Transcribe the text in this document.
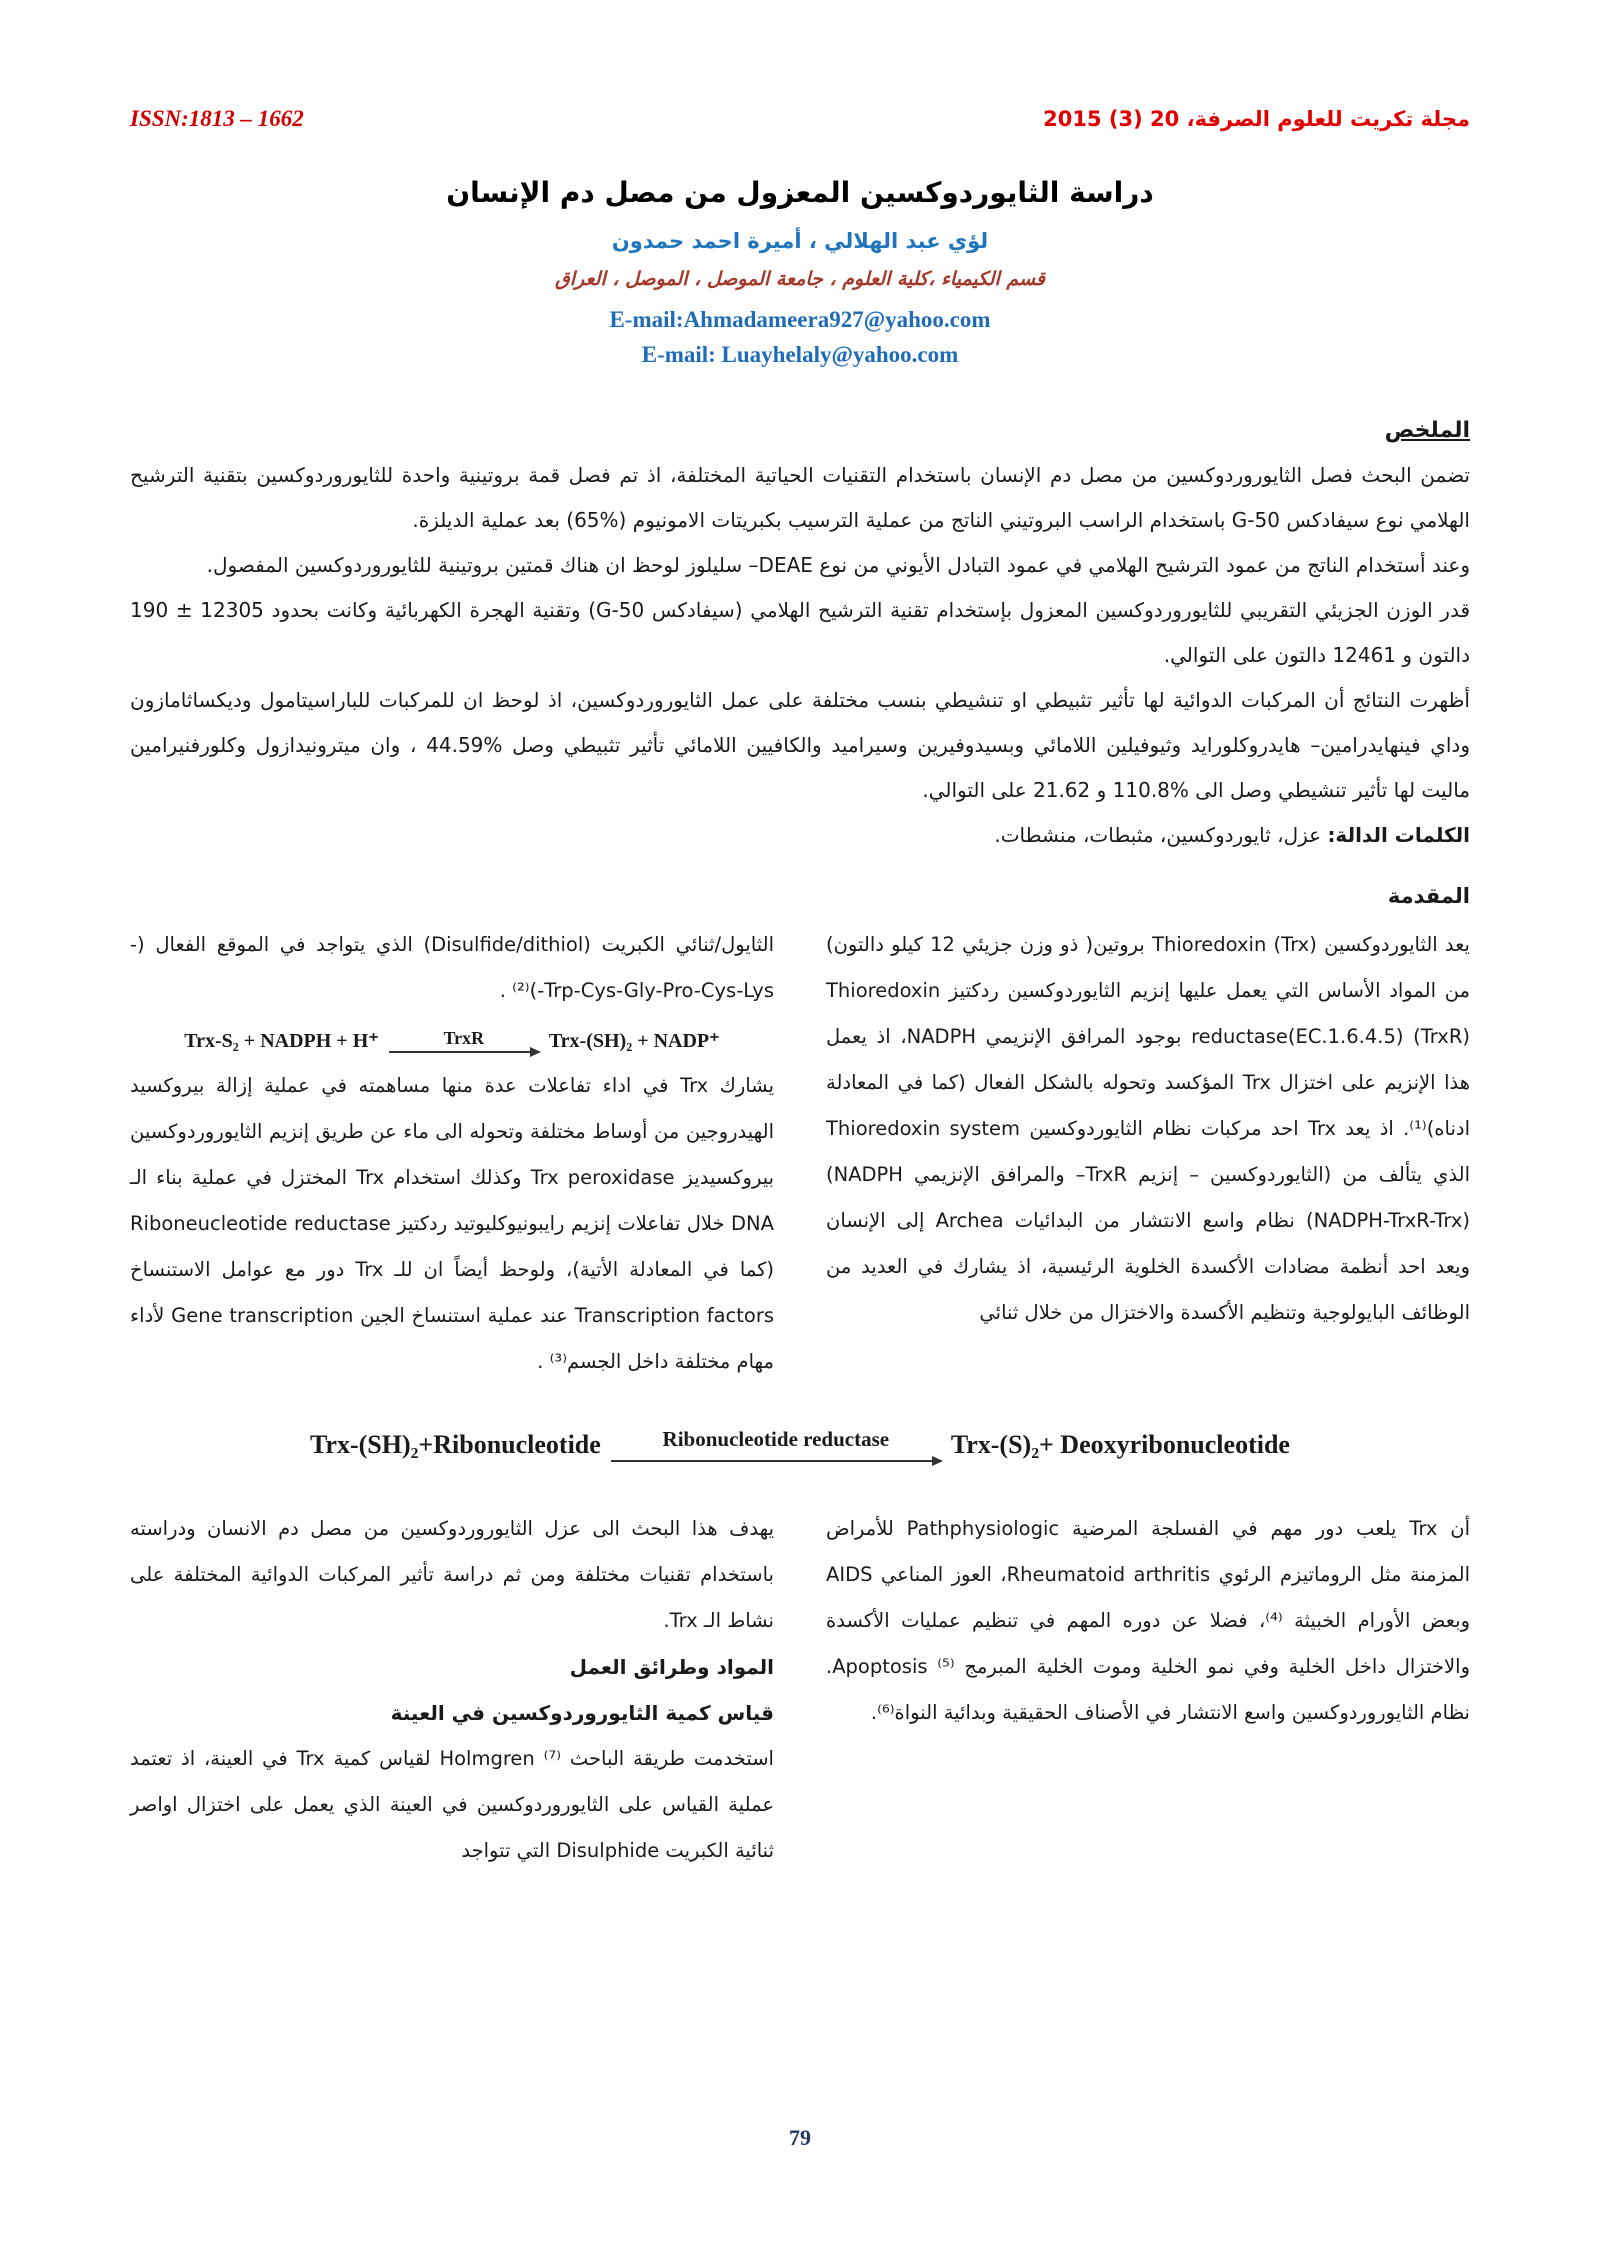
ISSN:1813 – 1662	مجلة تكريت للعلوم الصرفة، 20 (3) 2015
دراسة الثايوردوكسين المعزول من مصل دم الإنسان
لؤي عبد الهلالي ، أميرة احمد حمدون
قسم الكيمياء ،كلية العلوم ، جامعة الموصل ، الموصل ، العراق
E-mail:Ahmadameera927@yahoo.com
E-mail: Luayhelaly@yahoo.com
الملخص

تضمن البحث فصل الثايوروردوكسين من مصل دم الإنسان باستخدام التقنيات الحياتية المختلفة، اذ تم فصل قمة بروتينية واحدة للثايوروردوكسين بتقنية الترشيح الهلامي نوع سيفادكس G-50 باستخدام الراسب البروتيني الناتج من عملية الترسيب بكبريتات الامونيوم (%65) بعد عملية الديلزة.

وعند أستخدام الناتج من عمود الترشيح الهلامي في عمود التبادل الأيوني من نوع DEAE– سليلوز لوحظ ان هناك قمتين بروتينية للثايوروردوكسين المفصول.

قدر الوزن الجزيئي التقريبي للثايوروردوكسين المعزول بإستخدام تقنية الترشيح الهلامي (سيفادكس G-50) وتقنية الهجرة الكهربائية وكانت بحدود 12305 ± 190 دالتون و 12461 دالتون على التوالي.

أظهرت النتائج أن المركبات الدوائية لها تأثير تثبيطي او تنشيطي بنسب مختلفة على عمل الثايوروردوكسين، اذ لوحظ ان للمركبات للباراسيتامول وديكساثامازون وداي فينهايدرامين– هايدروكلورايد وثيوفيلين اللامائي وبسيدوفيرين وسيراميد والكافيين اللامائي تأثير تثبيطي وصل %44.59 ، وان ميترونيدازول وكلورفنيرامين ماليت لها تأثير تنشيطي وصل الى %110.8 و 21.62 على التوالي.

الكلمات الدالة: عزل، ثايوردوكسين، مثبطات، منشطات.

المقدمة

يعد الثايوردوكسين Thioredoxin (Trx) بروتين( ذو وزن جزيئي 12 كيلو دالتون) من المواد الأساس التي يعمل عليها إنزيم الثايوردوكسين ردكتيز Thioredoxin reductase(EC.1.6.4.5) (TrxR) بوجود المرافق الإنزيمي NADPH، اذ يعمل هذا الإنزيم على اختزال Trx المؤكسد وتحوله بالشكل الفعال (كما في المعادلة ادناه)⁽¹⁾. اذ يعد Trx احد مركبات نظام الثايوردوكسين Thioredoxin system الذي يتألف من (الثايوردوكسين – إنزيم TrxR– والمرافق الإنزيمي NADPH) (NADPH-TrxR-Trx) نظام واسع الانتشار من البدائيات Archea إلى الإنسان ويعد احد أنظمة مضادات الأكسدة الخلوية الرئيسية، اذ يشارك في العديد من الوظائف البايولوجية وتنظيم الأكسدة والاختزال من خلال ثنائي

الثايول/ثنائي الكبريت (Disulfide/dithiol) الذي يتواجد في الموقع الفعال (-Trp-Cys-Gly-Pro-Cys-Lys-)⁽²⁾ .

Trx-S₂ + NADPH + H⁺	TrxR	Trx-(SH)₂ + NADP⁺

يشارك Trx في اداء تفاعلات عدة منها مساهمته في عملية إزالة بيروكسيد الهيدروجين من أوساط مختلفة وتحوله الى ماء عن طريق إنزيم الثايوروردوكسين بيروكسيديز Trx peroxidase وكذلك استخدام Trx المختزل في عملية بناء الـ DNA خلال تفاعلات إنزيم رايبونيوكليوتيد ردكتيز Riboneucleotide reductase (كما في المعادلة الأتية)، ولوحظ أيضاً ان للـ Trx دور مع عوامل الاستنساخ Transcription factors عند عملية استنساخ الجين Gene transcription لأداء مهام مختلفة داخل الجسم⁽³⁾ .

Trx-(SH)₂+Ribonucleotide	Ribonucleotide reductase Trx-(S)₂+ Deoxyribonucleotide

أن Trx يلعب دور مهم في الفسلجة المرضية Pathphysiologic للأمراض المزمنة مثل الروماتيزم الرئوي Rheumatoid arthritis، العوز المناعي AIDS وبعض الأورام الخبيثة ⁽⁴⁾، فضلا عن دوره المهم في تنظيم عمليات الأكسدة والاختزال داخل الخلية وفي نمو الخلية وموت الخلية المبرمج Apoptosis ⁽⁵⁾. نظام الثايوروردوكسين واسع الانتشار في الأصناف الحقيقية وبدائية النواة⁽⁶⁾.

يهدف هذا البحث الى عزل الثايوروردوكسين من مصل دم الانسان ودراسته باستخدام تقنيات مختلفة ومن ثم دراسة تأثير المركبات الدوائية المختلفة على نشاط الـ Trx.

المواد وطرائق العمل
قياس كمية الثايوروردوكسين في العينة

استخدمت طريقة الباحث Holmgren ⁽⁷⁾ لقياس كمية Trx في العينة، اذ تعتمد عملية القياس على الثايوروردوكسين في العينة الذي يعمل على اختزال اواصر ثنائية الكبريت Disulphide التي تتواجد

79
